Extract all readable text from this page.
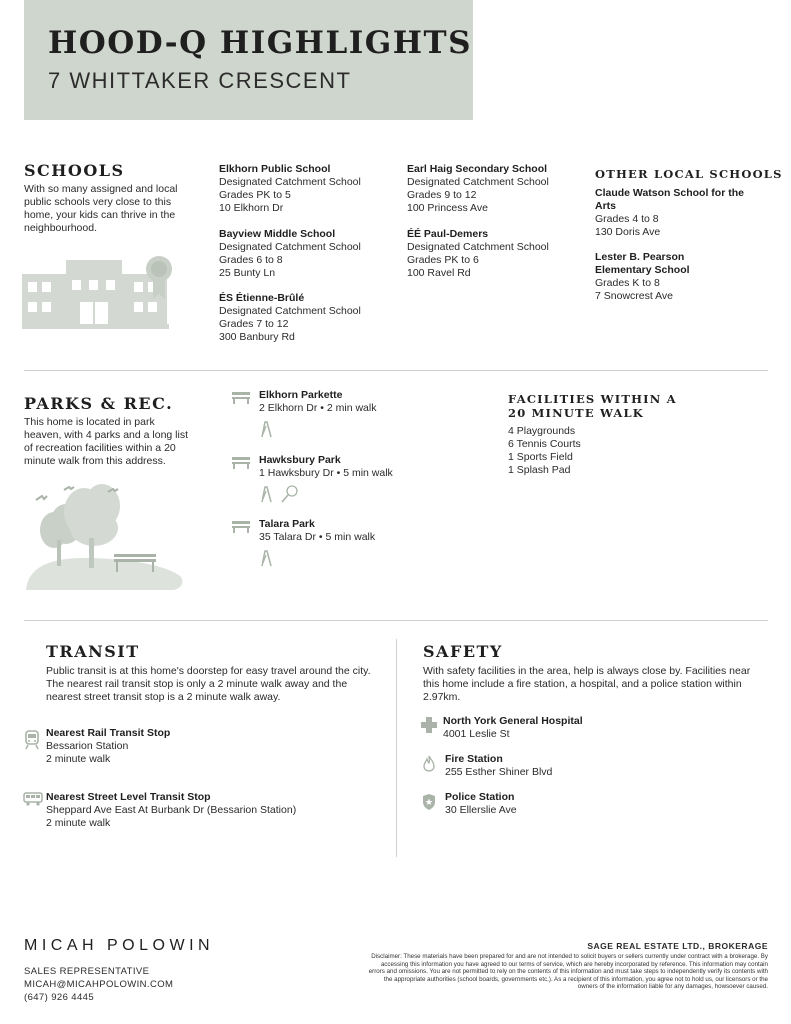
HOOD-Q HIGHLIGHTS
7 WHITTAKER CRESCENT
SCHOOLS
With so many assigned and local public schools very close to this home, your kids can thrive in the neighbourhood.
Elkhorn Public School
Designated Catchment School
Grades PK to 5
10 Elkhorn Dr
Bayview Middle School
Designated Catchment School
Grades 6 to 8
25 Bunty Ln
ÉS Étienne-Brûlé
Designated Catchment School
Grades 7 to 12
300 Banbury Rd
Earl Haig Secondary School
Designated Catchment School
Grades 9 to 12
100 Princess Ave
ÉÉ Paul-Demers
Designated Catchment School
Grades PK to 6
100 Ravel Rd
OTHER LOCAL SCHOOLS
Claude Watson School for the Arts
Grades 4 to 8
130 Doris Ave
Lester B. Pearson Elementary School
Grades K to 8
7 Snowcrest Ave
PARKS & REC.
This home is located in park heaven, with 4 parks and a long list of recreation facilities within a 20 minute walk from this address.
Elkhorn Parkette
2 Elkhorn Dr • 2 min walk
Hawksbury Park
1 Hawksbury Dr • 5 min walk
Talara Park
35 Talara Dr • 5 min walk
FACILITIES WITHIN A 20 MINUTE WALK
4 Playgrounds
6 Tennis Courts
1 Sports Field
1 Splash Pad
TRANSIT
Public transit is at this home's doorstep for easy travel around the city. The nearest rail transit stop is only a 2 minute walk away and the nearest street transit stop is a 2 minute walk away.
Nearest Rail Transit Stop
Bessarion Station
2 minute walk
Nearest Street Level Transit Stop
Sheppard Ave East At Burbank Dr (Bessarion Station)
2 minute walk
SAFETY
With safety facilities in the area, help is always close by. Facilities near this home include a fire station, a hospital, and a police station within 2.97km.
North York General Hospital
4001 Leslie St
Fire Station
255 Esther Shiner Blvd
Police Station
30 Ellerslie Ave
MICAH POLOWIN
SALES REPRESENTATIVE
MICAH@MICAHPOLOWIN.COM
(647) 926 4445
SAGE REAL ESTATE LTD., BROKERAGE
Disclaimer: These materials have been prepared for and are not intended to solicit buyers or sellers currently under contract with a brokerage. By accessing this information you have agreed to our terms of service, which are hereby incorporated by reference. This information may contain errors and omissions. You are not permitted to rely on the contents of this information and must take steps to independently verify its contents with the appropriate authorities (school boards, governments etc.). As a recipient of this information, you agree not to hold us, our licensors or the owners of the information liable for any damages, howsoever caused.
